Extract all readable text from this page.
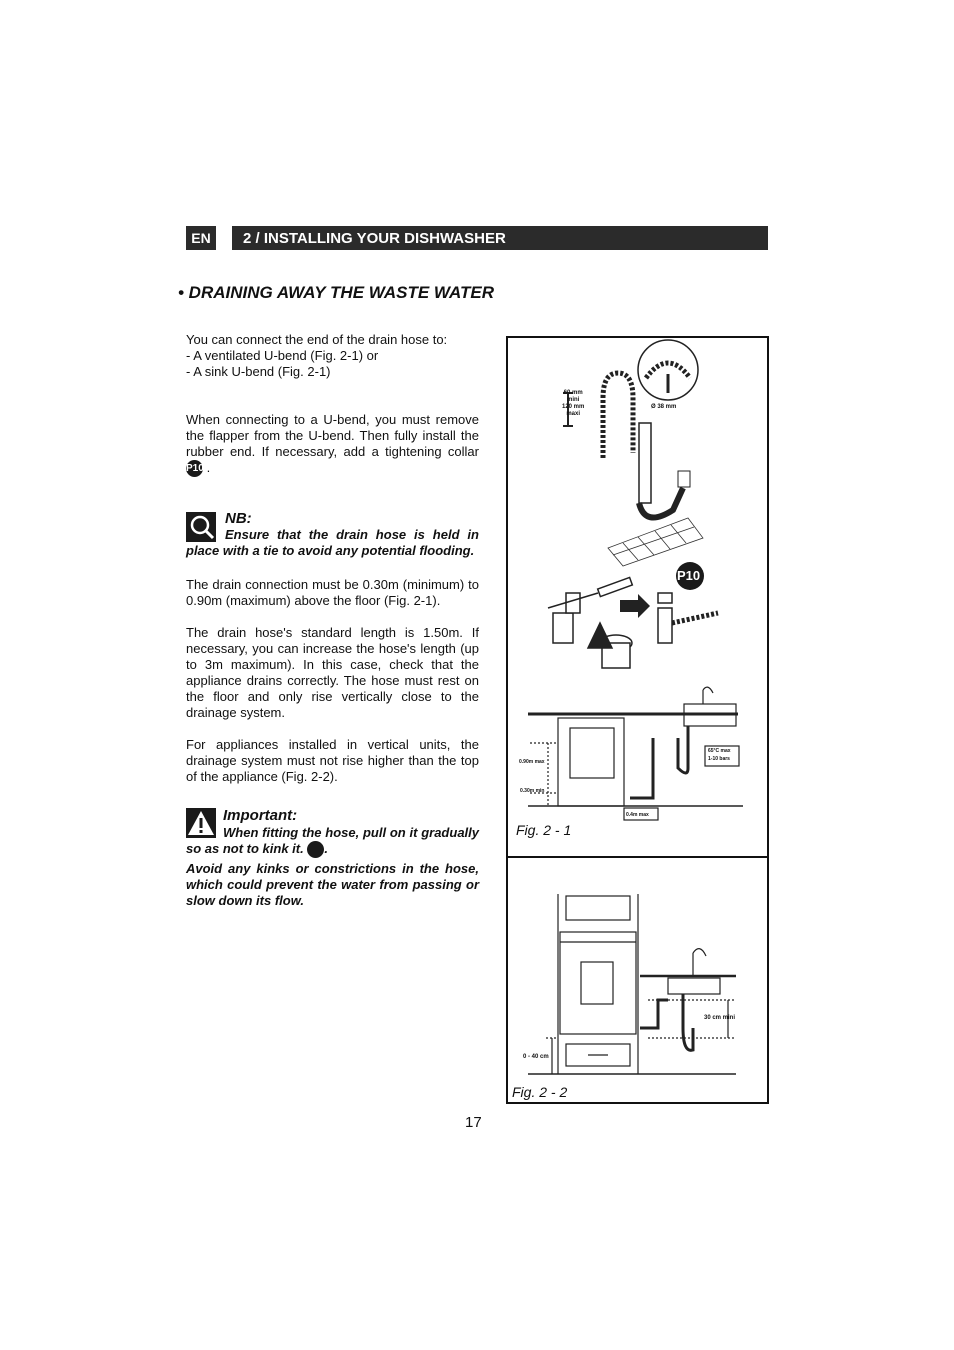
EN	2 / INSTALLING YOUR DISHWASHER
• DRAINING AWAY THE WASTE WATER

You can connect the end of the drain hose to:

- A ventilated U-bend (Fig. 2-1) or

- A sink U-bend (Fig. 2-1)

When connecting to a U-bend, you must remove the flapper from the U-bend. Then fully install the rubber end. If necessary, add a tightening collar P10 .
NB:
Ensure that the drain hose is held in place with a tie to avoid any potential flooding.
The drain connection must be 0.30m (minimum) to 0.90m (maximum) above the floor (Fig. 2-1).
The drain hose's standard length is 1.50m. If necessary, you can increase the hose's length (up to 3m maximum). In this case, check that the appliance drains correctly. The hose must rest on the floor and only rise vertically close to the drainage system.
For appliances installed in vertical units, the drainage system must not rise higher than the top of the appliance (Fig. 2-2).
Important:
When fitting the hose, pull on it gradually so as not to kink it.	B.
Avoid any kinks or constrictions in the hose, which could prevent the water from passing or slow down its flow.
60 mm
mini
120 mm
maxi
Ø 38 mm
P10
0.90m max
0.30m min
0.4m max
65°C max
1-10 bars
Fig. 2 - 1
30 cm mini
0 - 40 cm
Fig. 2 - 2
17
